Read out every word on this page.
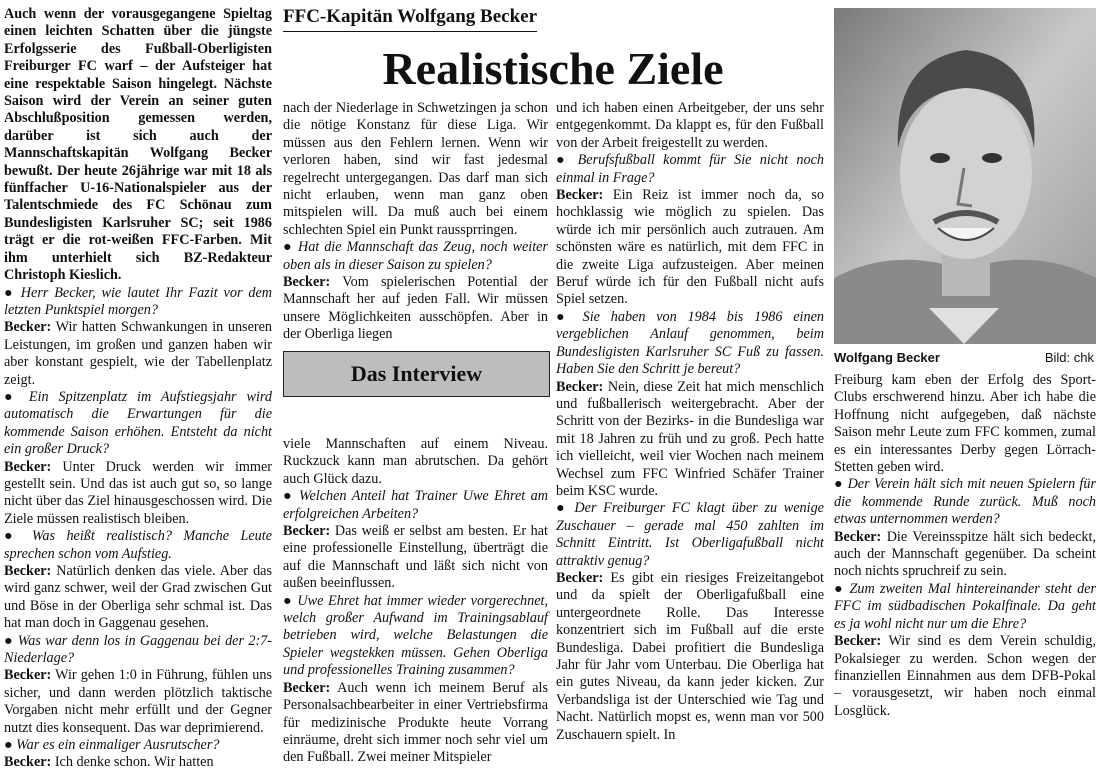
Auch wenn der vorausgegangene Spieltag einen leichten Schatten über die jüngste Erfolgsserie des Fußball-Oberligisten Freiburger FC warf – der Aufsteiger hat eine respektable Saison hingelegt. Nächste Saison wird der Verein an seiner guten Abschlußposition gemessen werden, darüber ist sich auch der Mannschaftskapitän Wolfgang Becker bewußt. Der heute 26jährige war mit 18 als fünffacher U-16-Nationalspieler aus der Talentschmiede des FC Schönau zum Bundesligisten Karlsruher SC; seit 1986 trägt er die rot-weißen FFC-Farben. Mit ihm unterhielt sich BZ-Redakteur Christoph Kieslich.

● Herr Becker, wie lautet Ihr Fazit vor dem letzten Punktspiel morgen?

Becker: Wir hatten Schwankungen in unseren Leistungen, im großen und ganzen haben wir aber konstant gespielt, wie der Tabellenplatz zeigt.

● Ein Spitzenplatz im Aufstiegsjahr wird automatisch die Erwartungen für die kommende Saison erhöhen. Entsteht da nicht ein großer Druck?

Becker: Unter Druck werden wir immer gestellt sein. Und das ist auch gut so, so lange nicht über das Ziel hinausgeschossen wird. Die Ziele müssen realistisch bleiben.

● Was heißt realistisch? Manche Leute sprechen schon vom Aufstieg.

Becker: Natürlich denken das viele. Aber das wird ganz schwer, weil der Grad zwischen Gut und Böse in der Oberliga sehr schmal ist. Das hat man doch in Gaggenau gesehen.

● Was war denn los in Gaggenau bei der 2:7-Niederlage?

Becker: Wir gehen 1:0 in Führung, fühlen uns sicher, und dann werden plötzlich taktische Vorgaben nicht mehr erfüllt und der Gegner nutzt dies konsequent. Das war deprimierend.

● War es ein einmaliger Ausrutscher?

Becker: Ich denke schon. Wir hatten

FFC-Kapitän Wolfgang Becker
Realistische Ziele

nach der Niederlage in Schwetzingen ja schon die nötige Konstanz für diese Liga. Wir müssen aus den Fehlern lernen. Wenn wir verloren haben, sind wir fast jedesmal regelrecht untergegangen. Das darf man sich nicht erlauben, wenn man ganz oben mitspielen will. Da muß auch bei einem schlechten Spiel ein Punkt raussprringen.

● Hat die Mannschaft das Zeug, noch weiter oben als in dieser Saison zu spielen?

Becker: Vom spielerischen Potential der Mannschaft her auf jeden Fall. Wir müssen unsere Möglichkeiten ausschöpfen. Aber in der Oberliga liegen

Das Interview

viele Mannschaften auf einem Niveau. Ruckzuck kann man abrutschen. Da gehört auch Glück dazu.

● Welchen Anteil hat Trainer Uwe Ehret am erfolgreichen Arbeiten?

Becker: Das weiß er selbst am besten. Er hat eine professionelle Einstellung, überträgt die auf die Mannschaft und läßt sich nicht von außen beeinflussen.

● Uwe Ehret hat immer wieder vorgerechnet, welch großer Aufwand im Trainingsablauf betrieben wird, welche Belastungen die Spieler wegstekken müssen. Gehen Oberliga und professionelles Training zusammen?

Becker: Auch wenn ich meinem Beruf als Personalsachbearbeiter in einer Vertriebsfirma für medizinische Produkte heute Vorrang einräume, dreht sich immer noch sehr viel um den Fußball. Zwei meiner Mitspieler

und ich haben einen Arbeitgeber, der uns sehr entgegenkommt. Da klappt es, für den Fußball von der Arbeit freigestellt zu werden.

● Berufsfußball kommt für Sie nicht noch einmal in Frage?

Becker: Ein Reiz ist immer noch da, so hochklassig wie möglich zu spielen. Das würde ich mir persönlich auch zutrauen. Am schönsten wäre es natürlich, mit dem FFC in die zweite Liga aufzusteigen. Aber meinen Beruf würde ich für den Fußball nicht aufs Spiel setzen.

● Sie haben von 1984 bis 1986 einen vergeblichen Anlauf genommen, beim Bundesligisten Karlsruher SC Fuß zu fassen. Haben Sie den Schritt je bereut?

Becker: Nein, diese Zeit hat mich menschlich und fußballerisch weitergebracht. Aber der Schritt von der Bezirks- in die Bundesliga war mit 18 Jahren zu früh und zu groß. Pech hatte ich vielleicht, weil vier Wochen nach meinem Wechsel zum FFC Winfried Schäfer Trainer beim KSC wurde.

● Der Freiburger FC klagt über zu wenige Zuschauer – gerade mal 450 zahlten im Schnitt Eintritt. Ist Oberligafußball nicht attraktiv genug?

Becker: Es gibt ein riesiges Freizeitangebot und da spielt der Oberligafußball eine untergeordnete Rolle. Das Interesse konzentriert sich im Fußball auf die erste Bundesliga. Dabei profitiert die Bundesliga Jahr für Jahr vom Unterbau. Die Oberliga hat ein gutes Niveau, da kann jeder kicken. Zur Verbandsliga ist der Unterschied wie Tag und Nacht. Natürlich mopst es, wenn man vor 500 Zuschauern spielt. In

Wolfgang Becker	Bild: chk

Freiburg kam eben der Erfolg des Sport-Clubs erschwerend hinzu. Aber ich habe die Hoffnung nicht aufgegeben, daß nächste Saison mehr Leute zum FFC kommen, zumal es ein interessantes Derby gegen Lörrach-Stetten geben wird.

● Der Verein hält sich mit neuen Spielern für die kommende Runde zurück. Muß noch etwas unternommen werden?

Becker: Die Vereinsspitze hält sich bedeckt, auch der Mannschaft gegenüber. Da scheint noch nichts spruchreif zu sein.

● Zum zweiten Mal hintereinander steht der FFC im südbadischen Pokalfinale. Da geht es ja wohl nicht nur um die Ehre?

Becker: Wir sind es dem Verein schuldig, Pokalsieger zu werden. Schon wegen der finanziellen Einnahmen aus dem DFB-Pokal – vorausgesetzt, wir haben noch einmal Losglück.
